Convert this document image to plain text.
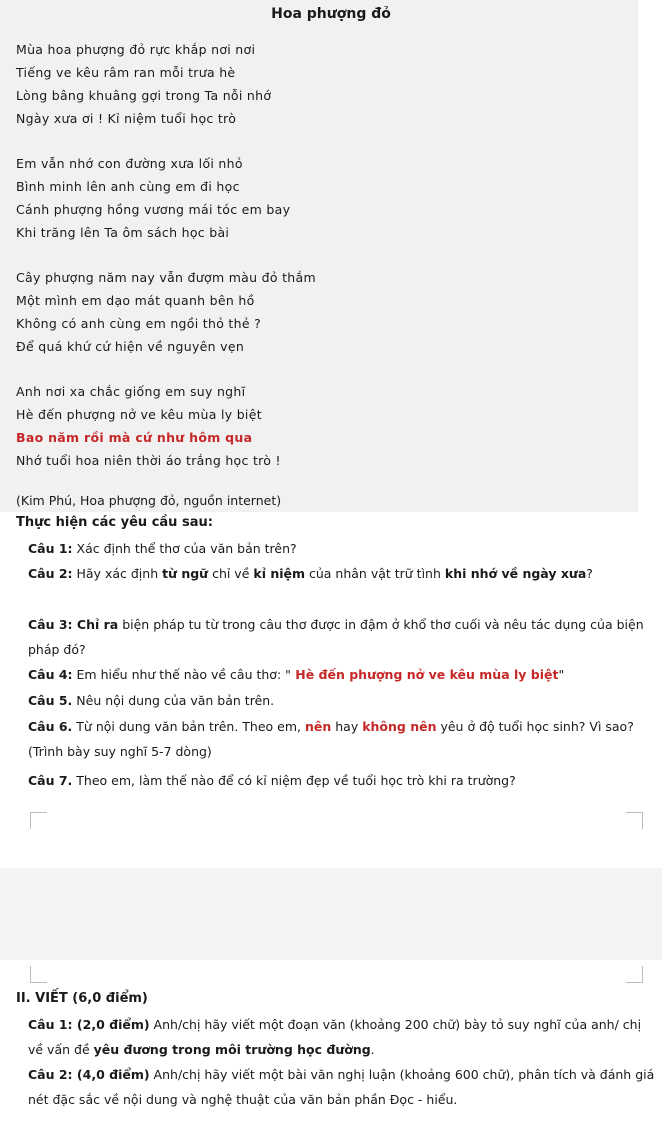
Hoa phượng đỏ
Mùa hoa phượng đỏ rực khắp nơi nơi
Tiếng ve kêu râm ran mỗi trưa hè
Lòng bâng khuâng gợi trong Ta nỗi nhớ
Ngày xưa ơi ! Kỉ niệm tuổi học trò
Em vẫn nhớ con đường xưa lối nhỏ
Bình minh lên anh cùng em đi học
Cánh phượng hồng vương mái tóc em bay
Khi trăng lên Ta ôm sách học bài
Cây phượng năm nay vẫn đượm màu đỏ thắm
Một mình em dạo mát quanh bên hồ
Không có anh cùng em ngồi thỏ thẻ ?
Để quá khứ cứ hiện về nguyên vẹn
Anh nơi xa chắc giống em suy nghĩ
Hè đến phượng nở ve kêu mùa ly biệt
Bao năm rồi mà cứ như hôm qua
Nhớ tuổi hoa niên thời áo trắng học trò !
(Kim Phú, Hoa phượng đỏ, nguồn internet)
Thực hiện các yêu cầu sau:
Câu 1: Xác định thể thơ của văn bản trên?
Câu 2: Hãy xác định từ ngữ chỉ về kỉ niệm của nhân vật trữ tình khi nhớ về ngày xưa?
Câu 3: Chỉ ra biện pháp tu từ trong câu thơ được in đậm ở khổ thơ cuối và nêu tác dụng của biện pháp đó?
Câu 4: Em hiểu như thế nào về câu thơ: " Hè đến phượng nở ve kêu mùa ly biệt"
Câu 5. Nêu nội dung của văn bản trên.
Câu 6. Từ nội dung văn bản trên. Theo em, nên hay không nên yêu ở độ tuổi học sinh? Vì sao? (Trình bày suy nghĩ 5-7 dòng)
Câu 7. Theo em, làm thế nào để có kỉ niệm đẹp về tuổi học trò khi ra trường?
II. VIẾT (6,0 điểm)
Câu 1: (2,0 điểm) Anh/chị hãy viết một đoạn văn (khoảng 200 chữ) bày tỏ suy nghĩ của anh/ chị về vấn đề yêu đương trong môi trường học đường.
Câu 2: (4,0 điểm) Anh/chị hãy viết một bài văn nghị luận (khoảng 600 chữ), phân tích và đánh giá nét đặc sắc về nội dung và nghệ thuật của văn bản phần Đọc - hiểu.
